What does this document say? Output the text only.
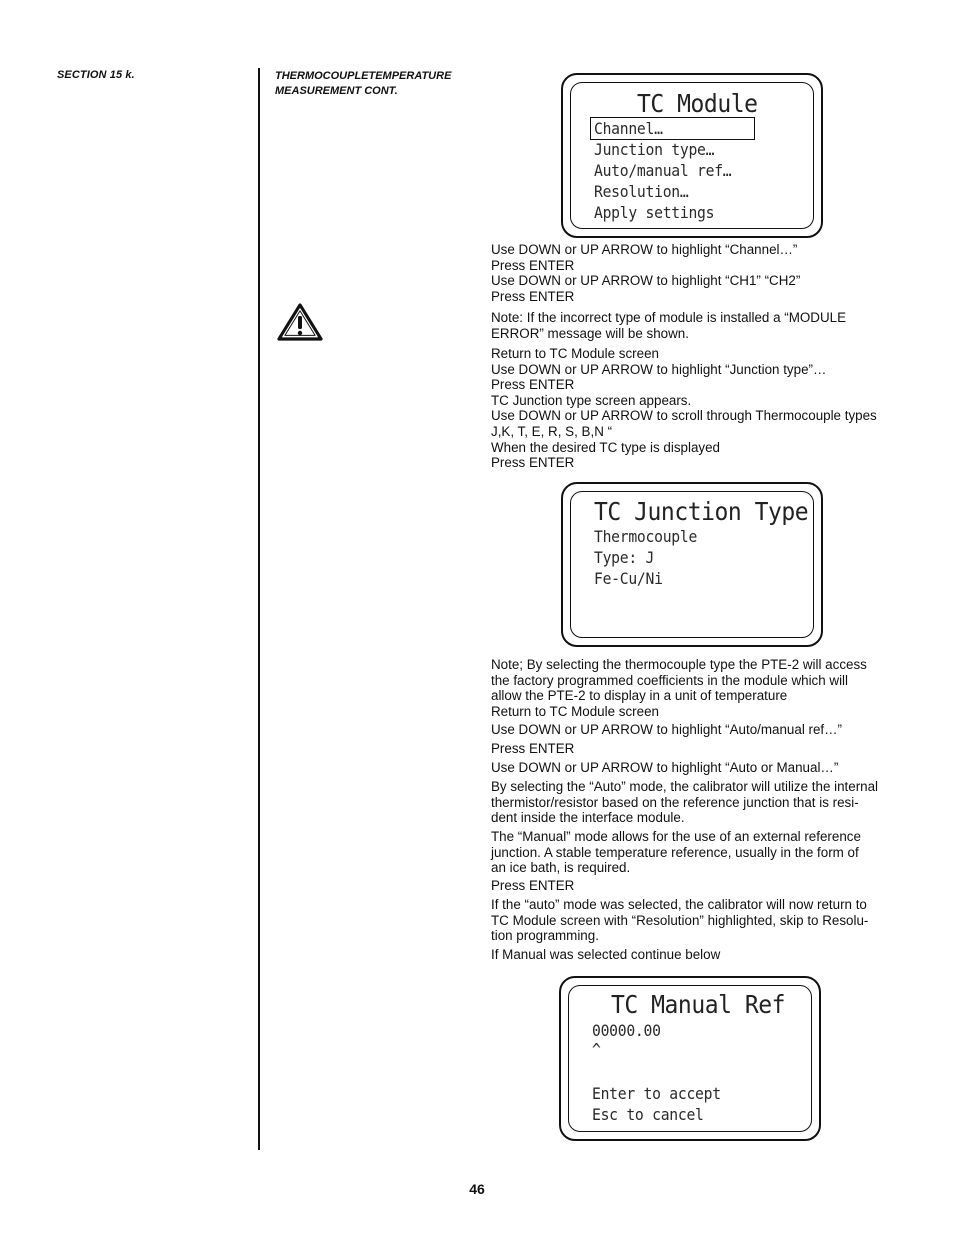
SECTION 15 k.	THERMOCOUPLETEMPERATURE
MEASUREMENT CONT.	TC Module
Channel…
Junction type…
Auto/manual ref…
Resolution…
Apply settings
Use DOWN or UP ARROW to highlight “Channel…”
Press ENTER
Use DOWN or UP ARROW to highlight “CH1” “CH2”
Press ENTER
Note: If the incorrect type of module is installed a “MODULE
ERROR” message will be shown.
Return to TC Module screen
Use DOWN or UP ARROW to highlight “Junction type”…
Press ENTER
TC Junction type screen appears.
Use DOWN or UP ARROW to scroll through Thermocouple types
J,K, T, E, R, S, B,N “
When the desired TC type is displayed
Press ENTER
TC Junction Type
Thermocouple
Type: J
Fe-Cu/Ni
Note; By selecting the thermocouple type the PTE-2 will access
the factory programmed coefficients in the module which will
allow the PTE-2 to display in a unit of temperature
Return to TC Module screen
Use DOWN or UP ARROW to highlight “Auto/manual ref…”
Press ENTER
Use DOWN or UP ARROW to highlight “Auto or Manual…”
By selecting the “Auto” mode, the calibrator will utilize the internal
thermistor/resistor based on the reference junction that is resi-
dent inside the interface module.
The “Manual” mode allows for the use of an external reference
junction. A stable temperature reference, usually in the form of
an ice bath, is required.
Press ENTER
If the “auto” mode was selected, the calibrator will now return to
TC Module screen with “Resolution” highlighted, skip to Resolu-
tion programming.
If Manual was selected continue below
TC Manual Ref
00000.00
^
Enter to accept
Esc to cancel
46
